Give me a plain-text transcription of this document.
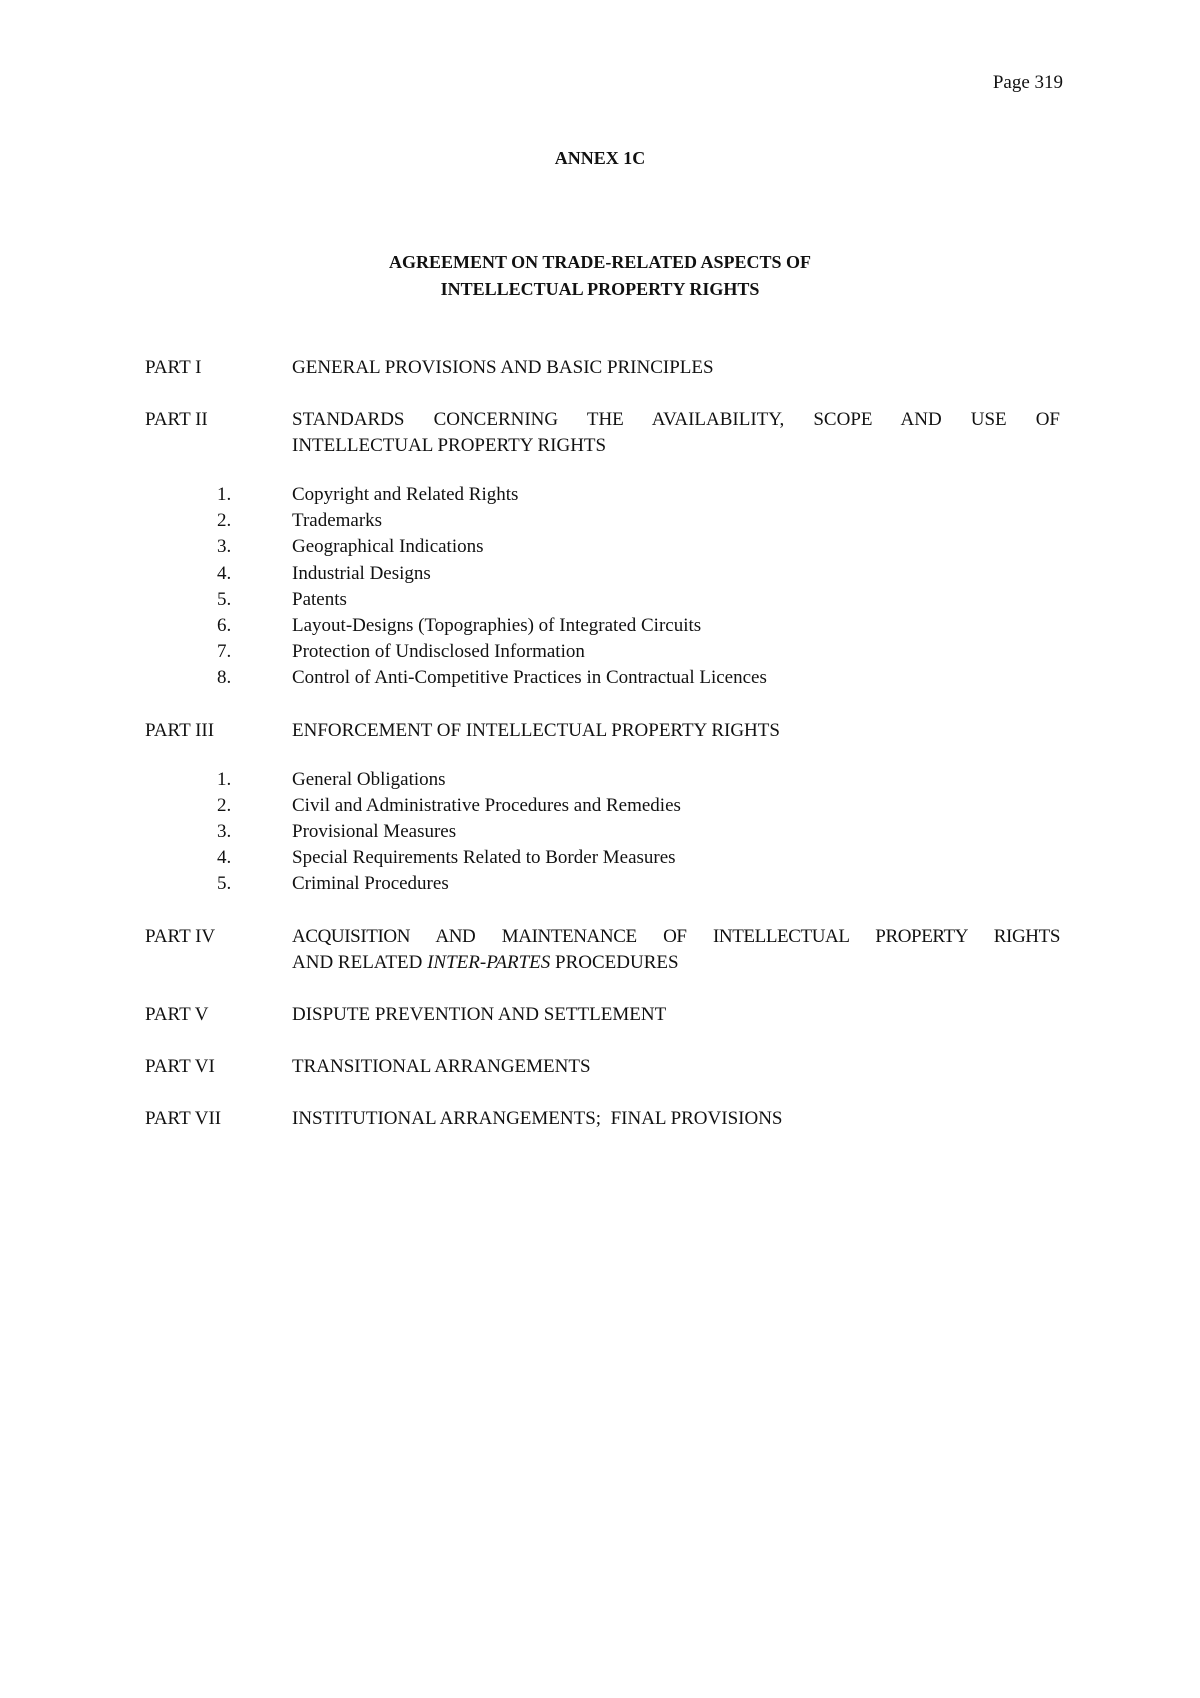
Page 319
ANNEX 1C
AGREEMENT ON TRADE-RELATED ASPECTS OF
INTELLECTUAL PROPERTY RIGHTS
PART I	GENERAL PROVISIONS AND BASIC PRINCIPLES
PART II	STANDARDS CONCERNING THE AVAILABILITY, SCOPE AND USE OF
INTELLECTUAL PROPERTY RIGHTS
1.	Copyright and Related Rights
2.	Trademarks
3.	Geographical Indications
4.	Industrial Designs
5.	Patents
6.	Layout-Designs (Topographies) of Integrated Circuits
7.	Protection of Undisclosed Information
8.	Control of Anti-Competitive Practices in Contractual Licences
PART III	ENFORCEMENT OF INTELLECTUAL PROPERTY RIGHTS
1.	General Obligations
2.	Civil and Administrative Procedures and Remedies
3.	Provisional Measures
4.	Special Requirements Related to Border Measures
5.	Criminal Procedures
PART IV	ACQUISITION AND MAINTENANCE OF INTELLECTUAL PROPERTY RIGHTS
AND RELATED INTER-PARTES PROCEDURES
PART V	DISPUTE PREVENTION AND SETTLEMENT
PART VI	TRANSITIONAL ARRANGEMENTS
PART VII	INSTITUTIONAL ARRANGEMENTS;  FINAL PROVISIONS
